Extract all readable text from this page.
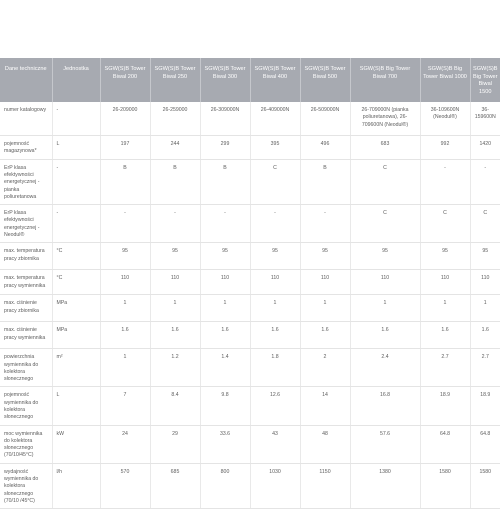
Dane techniczne	Jednostka	SGW(S)B Tower Biwal 200	SGW(S)B Tower Biwal 250	SGW(S)B Tower Biwal 300	SGW(S)B Tower Biwal 400	SGW(S)B Tower Biwal 500	SGW(S)B Big Tower Biwal 700	SGW(S)B Big Tower Biwal 1000	SGW(S)B Big Tower Biwal 1500
numer katalogowy	-	26-209000	26-259000	26-309000N	26-409000N	26-509000N	26-709000N (pianka poliuretanowa), 26-709600N (Neodul®)	36-109600N (Neodul®)	36-159600N
pojemność magazynowa*	L	197	244	299	395	496	683	992	1420
ErP klasa efektywności energetycznej - pianka poliuretanowa	-	B	B	B	C	B	C	-	-
ErP klasa efektywności energetycznej - Neodul®	-	-	-	-	-	-	C	C	C
max. temperatura pracy zbiornika	°C	95	95	95	95	95	95	95	95
max. temperatura pracy wymiennika	°C	110	110	110	110	110	110	110	110
max. ciśnienie pracy zbiornika	MPa	1	1	1	1	1	1	1	1
max. ciśnienie pracy wymiennika	MPa	1.6	1.6	1.6	1.6	1.6	1.6	1.6	1.6
powierzchnia wymiennika do kolektora słonecznego	m²	1	1.2	1.4	1.8	2	2.4	2.7	2.7
pojemność wymiennika do kolektora słonecznego	L	7	8.4	9.8	12.6	14	16.8	18.9	18.9
moc wymiennika do kolektora słonecznego (70/10/45°C)	kW	24	29	33.6	43	48	57.6	64.8	64.8
wydajność wymiennika do kolektora słonecznego (70/10 /45°C)	l/h	570	685	800	1030	1150	1380	1580	1580
